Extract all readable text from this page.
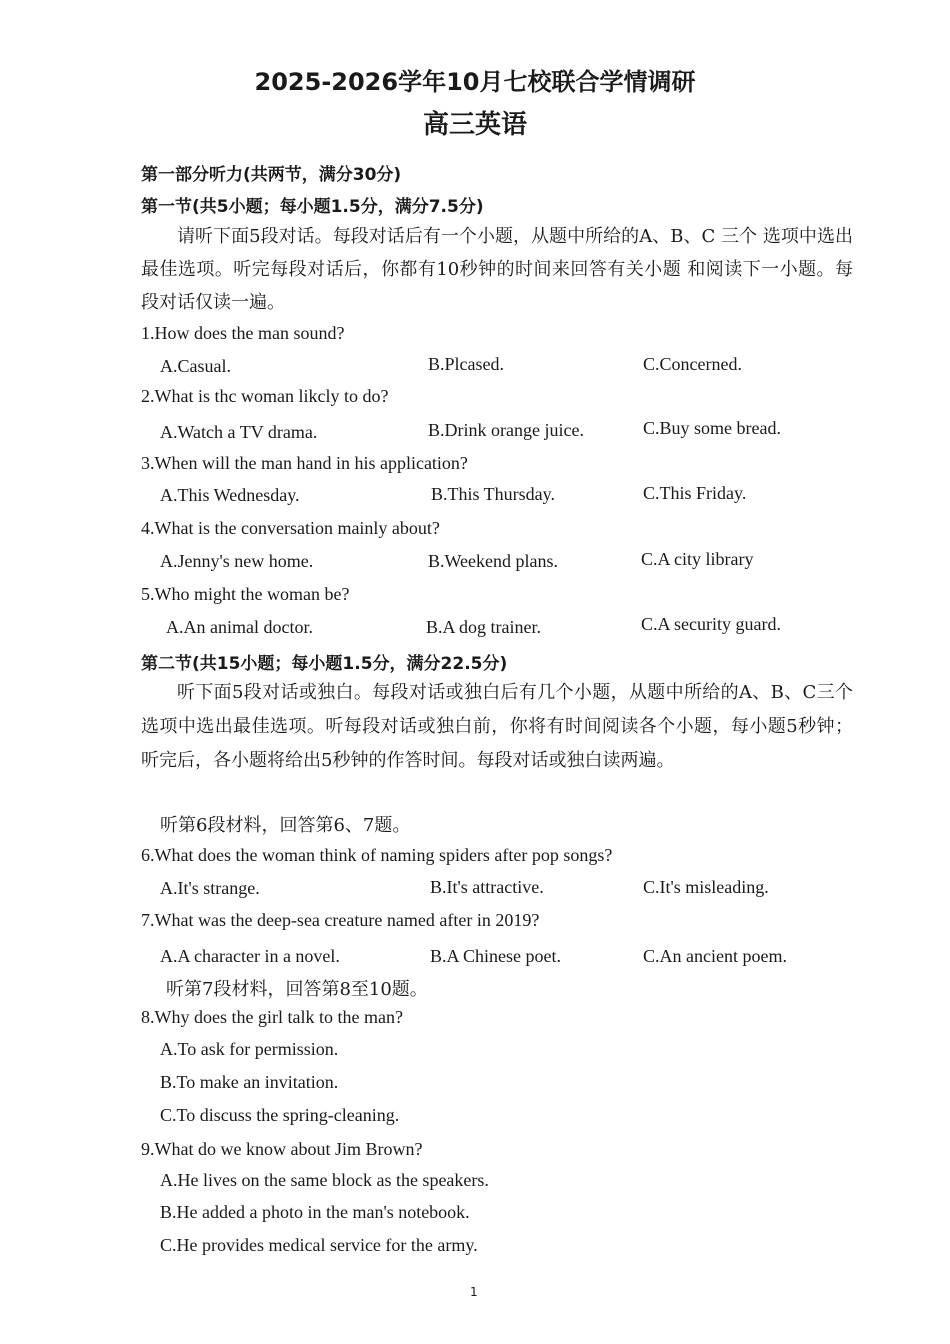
2025-2026学年10月七校联合学情调研
高三英语
第一部分听力(共两节，满分30分)
第一节(共5小题；每小题1.5分，满分7.5分)
请听下面5段对话。每段对话后有一个小题，从题中所给的A、B、C 三个 选项中选出最佳选项。听完每段对话后，你都有10秒钟的时间来回答有关小题 和阅读下一小题。每段对话仅读一遍。
1.How does the man sound?
A.Casual.	B.Plcased.	C.Concerned.
2.What is thc woman likcly to do?
A.Watch a TV drama.	B.Drink orange juice.	C.Buy some bread.
3.When will the man hand in his application?
A.This Wednesday.	B.This Thursday.	C.This Friday.
4.What is the conversation mainly about?
A.Jenny's new home.	B.Weekend plans.	C.A city library
5.Who might the woman be?
A.An animal doctor.	B.A dog trainer.	C.A security guard.
第二节(共15小题；每小题1.5分，满分22.5分)
听下面5段对话或独白。每段对话或独白后有几个小题，从题中所给的A、B、C三个选项中选出最佳选项。听每段对话或独白前，你将有时间阅读各个小题，每小题5秒钟；听完后，各小题将给出5秒钟的作答时间。每段对话或独白读两遍。
听第6段材料，回答第6、7题。
6.What does the woman think of naming spiders after pop songs?
A.It's strange.	B.It's attractive.	C.It's misleading.
7.What was the deep-sea creature named after in 2019?
A.A character in a novel.	B.A Chinese poet.	C.An ancient poem.
听第7段材料，回答第8至10题。
8.Why does the girl talk to the man?
A.To ask for permission.
B.To make an invitation.
C.To discuss the spring-cleaning.
9.What do we know about Jim Brown?
A.He lives on the same block as the speakers.
B.He added a photo in the man's notebook.
C.He provides medical service for the army.
1
